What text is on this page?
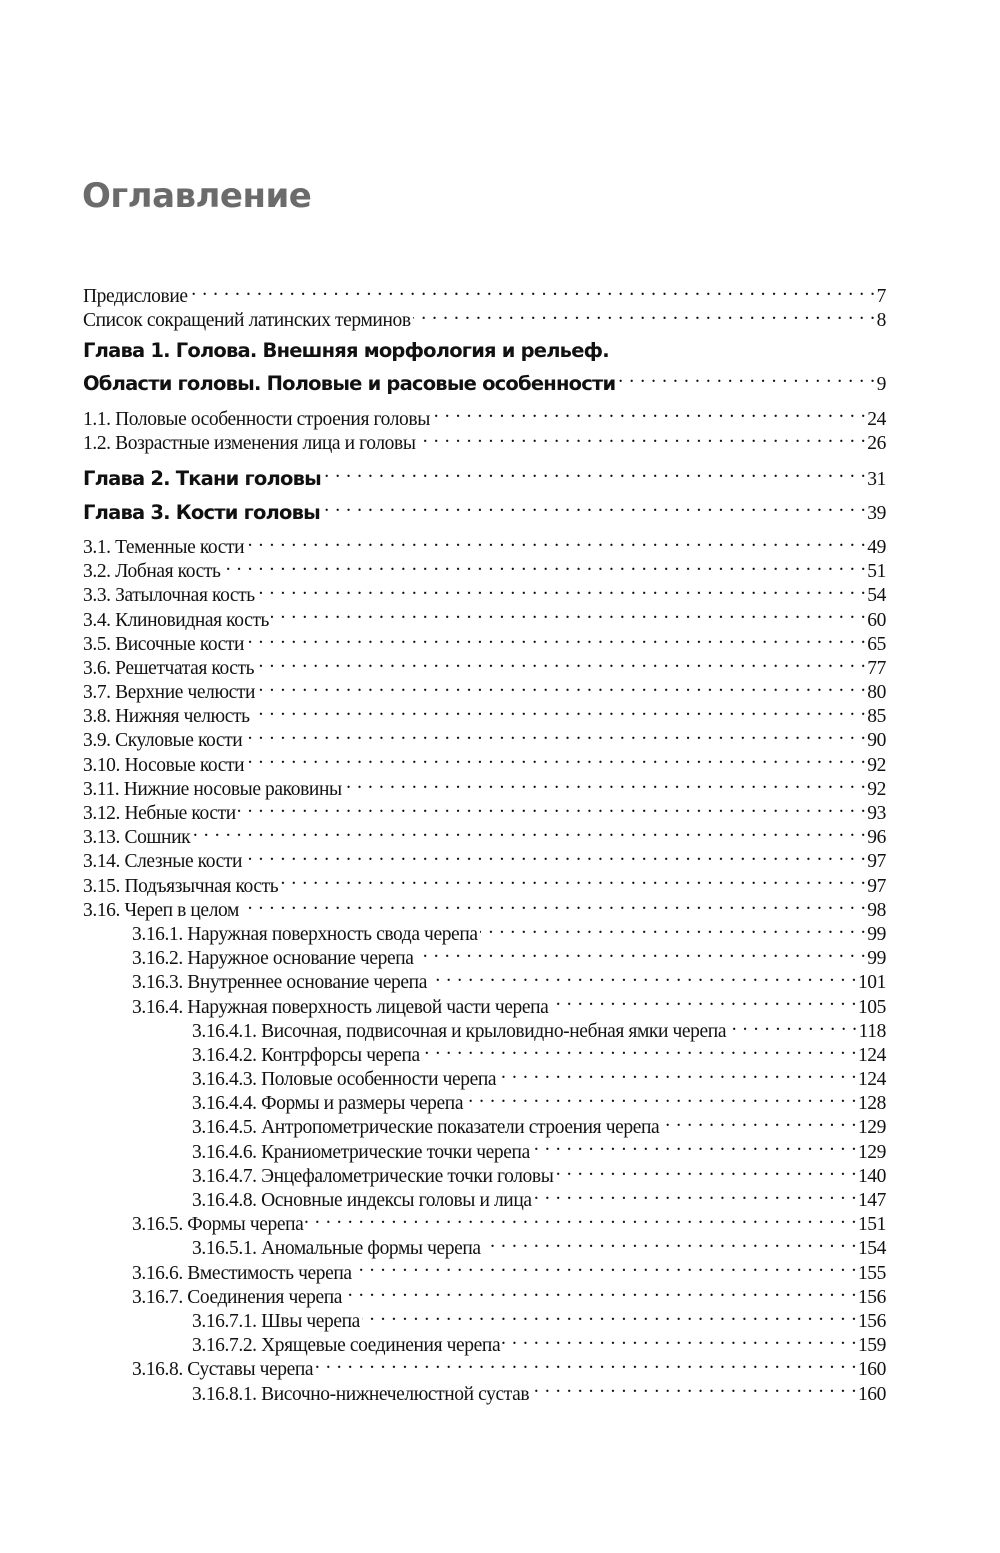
Оглавление
Предисловие . . .	7
Список сокращений латинских терминов . . .	8
Глава 1. Голова. Внешняя морфология и рельеф.
Области головы. Половые и расовые особенности . . .	9
1.1. Половые особенности строения головы . . .	24
1.2. Возрастные изменения лица и головы . . .	26
Глава 2. Ткани головы . . .	31
Глава 3. Кости головы . . .	39
3.1. Теменные кости . . .	49
3.2. Лобная кость . . .	51
3.3. Затылочная кость . . .	54
3.4. Клиновидная кость . . .	60
3.5. Височные кости . . .	65
3.6. Решетчатая кость . . .	77
3.7. Верхние челюсти . . .	80
3.8. Нижняя челюсть . . .	85
3.9. Скуловые кости . . .	90
3.10. Носовые кости . . .	92
3.11. Нижние носовые раковины . . .	92
3.12. Небные кости . . .	93
3.13. Сошник . . .	96
3.14. Слезные кости . . .	97
3.15. Подъязычная кость . . .	97
3.16. Череп в целом . . .	98
3.16.1. Наружная поверхность свода черепа . . .	99
3.16.2. Наружное основание черепа . . .	99
3.16.3. Внутреннее основание черепа . . .	101
3.16.4. Наружная поверхность лицевой части черепа . . .	105
3.16.4.1. Височная, подвисочная и крыловидно-небная ямки черепа . . .	118
3.16.4.2. Контрфорсы черепа . . .	124
3.16.4.3. Половые особенности черепа . . .	124
3.16.4.4. Формы и размеры черепа . . .	128
3.16.4.5. Антропометрические показатели строения черепа . . .	129
3.16.4.6. Краниометрические точки черепа . . .	129
3.16.4.7. Энцефалометрические точки головы . . .	140
3.16.4.8. Основные индексы головы и лица . . .	147
3.16.5. Формы черепа . . .	151
3.16.5.1. Аномальные формы черепа . . .	154
3.16.6. Вместимость черепа . . .	155
3.16.7. Соединения черепа . . .	156
3.16.7.1. Швы черепа . . .	156
3.16.7.2. Хрящевые соединения черепа . . .	159
3.16.8. Суставы черепа . . .	160
3.16.8.1. Височно-нижнечелюстной сустав . . .	160
